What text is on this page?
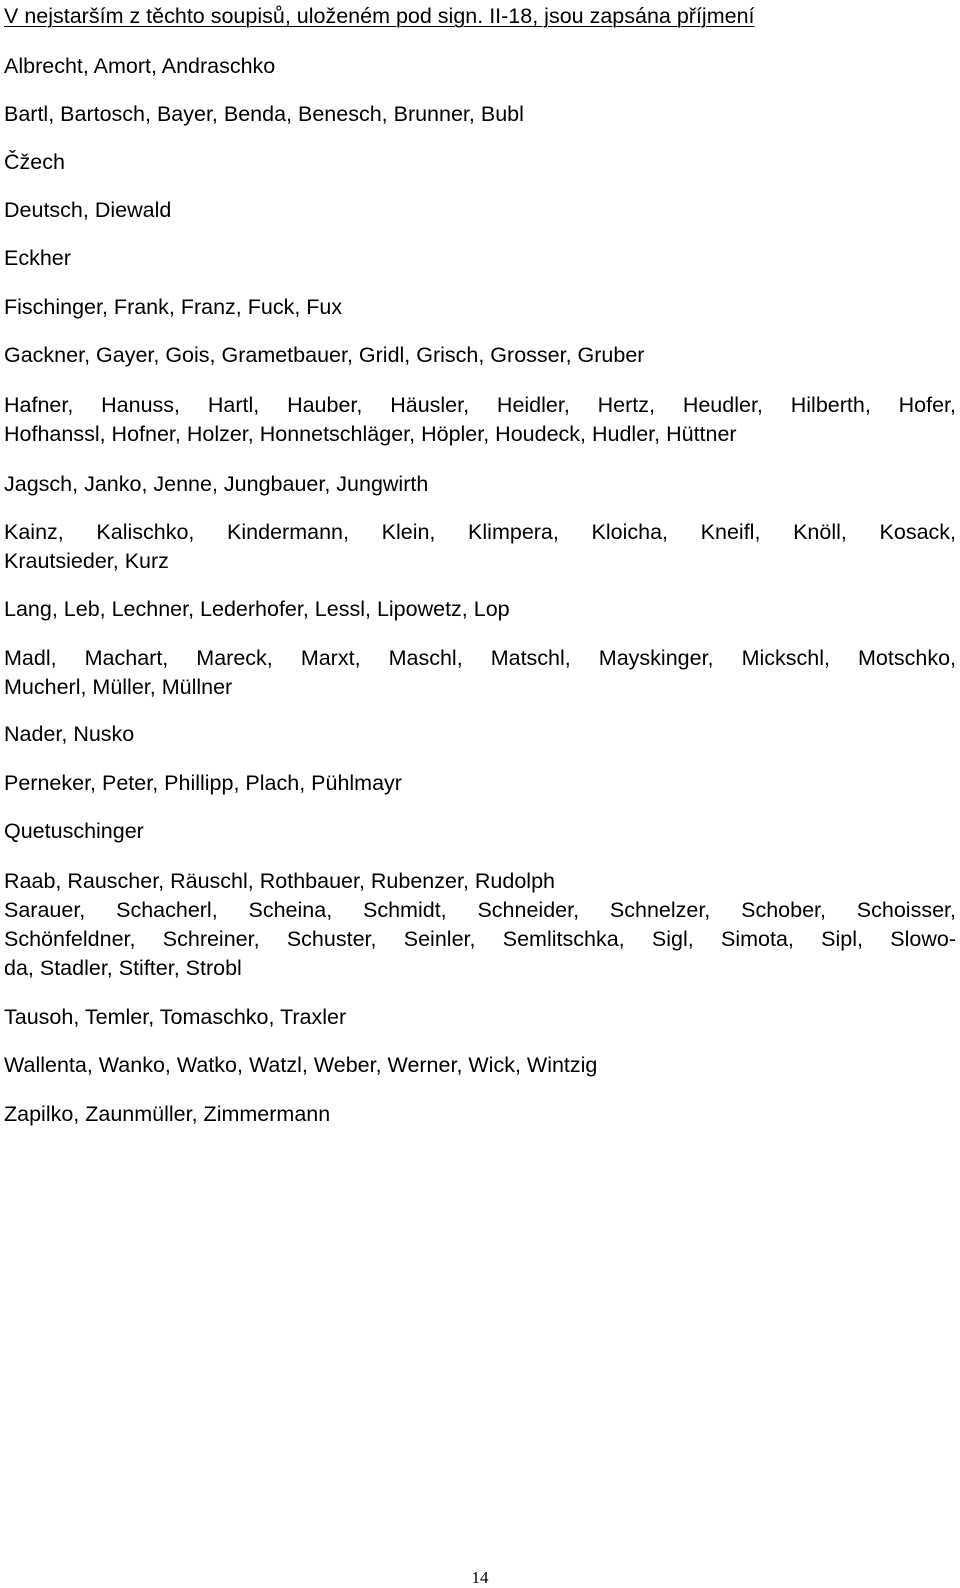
V nejstarším z těchto soupisů, uloženém pod sign. II-18, jsou zapsána příjmení
Albrecht, Amort, Andraschko
Bartl, Bartosch, Bayer, Benda, Benesch, Brunner, Bubl
Čžech
Deutsch, Diewald
Eckher
Fischinger, Frank, Franz, Fuck, Fux
Gackner, Gayer, Gois, Grametbauer, Gridl, Grisch, Grosser, Gruber
Hafner, Hanuss, Hartl, Hauber, Häusler, Heidler, Hertz, Heudler, Hilberth, Hofer,
Hofhanssl, Hofner, Holzer, Honnetschläger, Höpler, Houdeck, Hudler, Hüttner
Jagsch, Janko, Jenne, Jungbauer, Jungwirth
Kainz, Kalischko, Kindermann, Klein, Klimpera, Kloicha, Kneifl, Knöll, Kosack,
Krautsieder, Kurz
Lang, Leb, Lechner, Lederhofer, Lessl, Lipowetz, Lop
Madl, Machart, Mareck, Marxt, Maschl, Matschl, Mayskinger, Mickschl, Motschko,
Mucherl, Müller, Müllner
Nader, Nusko
Perneker, Peter, Phillipp, Plach, Pühlmayr
Quetuschinger
Raab, Rauscher, Räuschl, Rothbauer, Rubenzer, Rudolph
Sarauer, Schacherl, Scheina, Schmidt, Schneider, Schnelzer, Schober, Schoisser,
Schönfeldner, Schreiner, Schuster, Seinler, Semlitschka, Sigl, Simota, Sipl, Slowo-
da, Stadler, Stifter, Strobl
Tausoh, Temler, Tomaschko, Traxler
Wallenta, Wanko, Watko, Watzl, Weber, Werner, Wick, Wintzig
Zapilko, Zaunmüller, Zimmermann
14
